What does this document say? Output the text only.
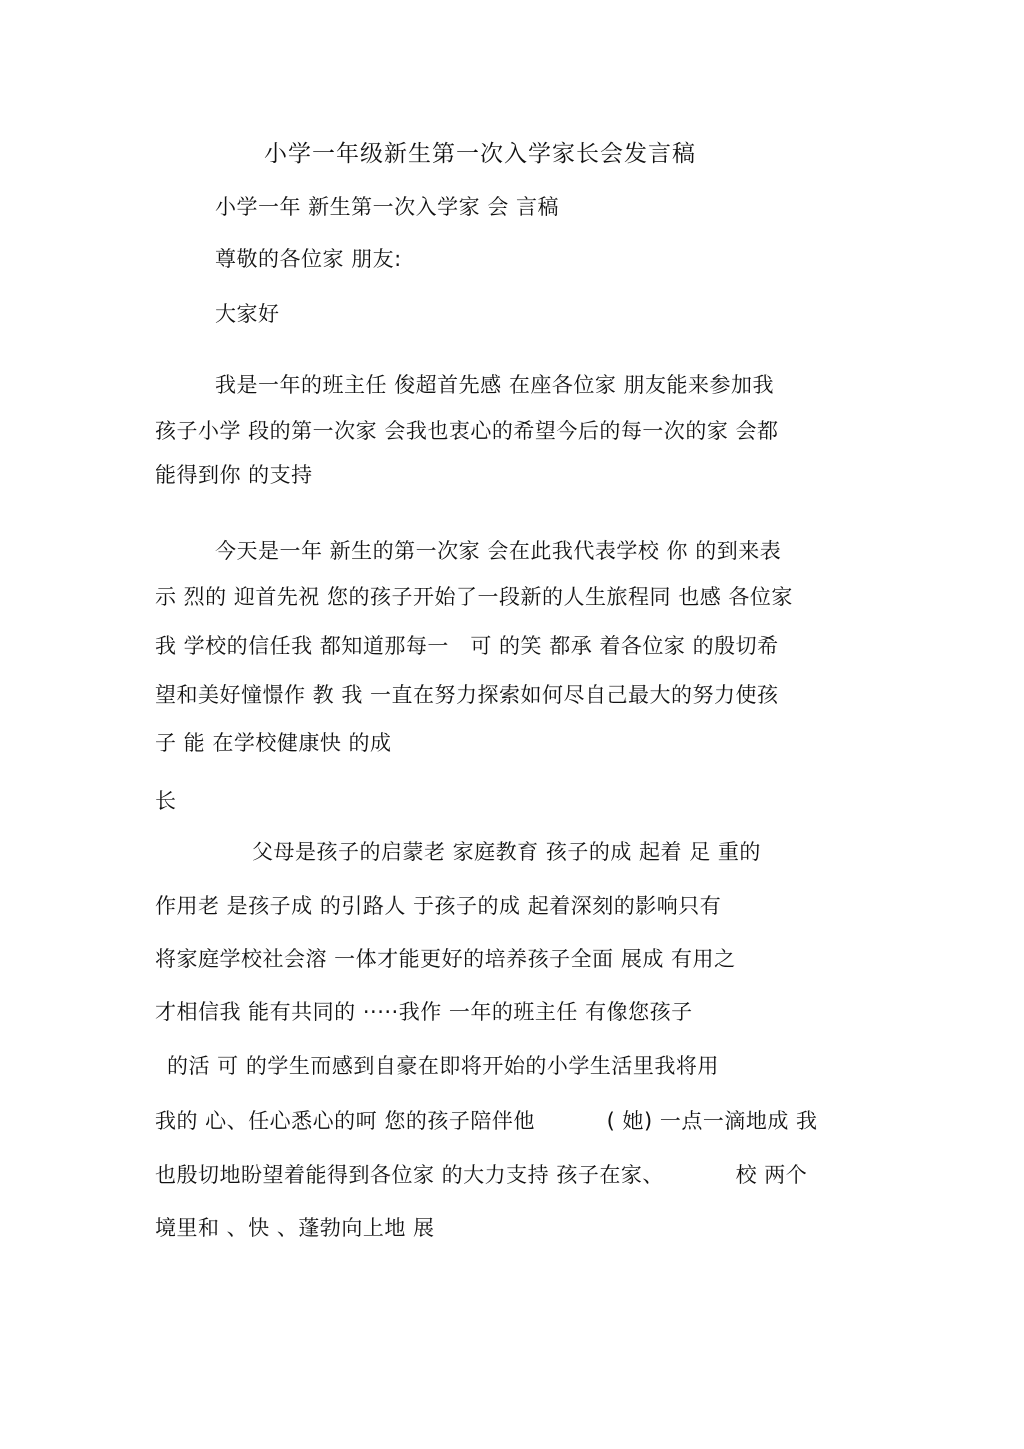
小学一年级新生第一次入学家长会发言稿
小学一年 新生第一次入学家 会 言稿
尊敬的各位家 朋友:
大家好
我是一年的班主任 俊超首先感 在座各位家 朋友能来参加我
孩子小学 段的第一次家 会我也衷心的希望今后的每一次的家 会都
能得到你 的支持
今天是一年 新生的第一次家 会在此我代表学校 你 的到来表
示 烈的 迎首先祝 您的孩子开始了一段新的人生旅程同 也感 各位家
我 学校的信任我 都知道那每一   可 的笑 都承 着各位家 的殷切希
望和美好憧憬作 教 我 一直在努力探索如何尽自己最大的努力使孩
子 能 在学校健康快 的成
长
父母是孩子的启蒙老 家庭教育 孩子的成 起着 足 重的
作用老 是孩子成 的引路人 于孩子的成 起着深刻的影响只有
将家庭学校社会溶 一体才能更好的培养孩子全面 展成 有用之
才相信我 能有共同的 ·····我作 一年的班主任 有像您孩子
的活 可 的学生而感到自豪在即将开始的小学生活里我将用
我的 心、任心悉心的呵 您的孩子陪伴他          ( 她) 一点一滴地成 我
也殷切地盼望着能得到各位家 的大力支持 孩子在家、          校 两个
境里和 、快 、蓬勃向上地 展
